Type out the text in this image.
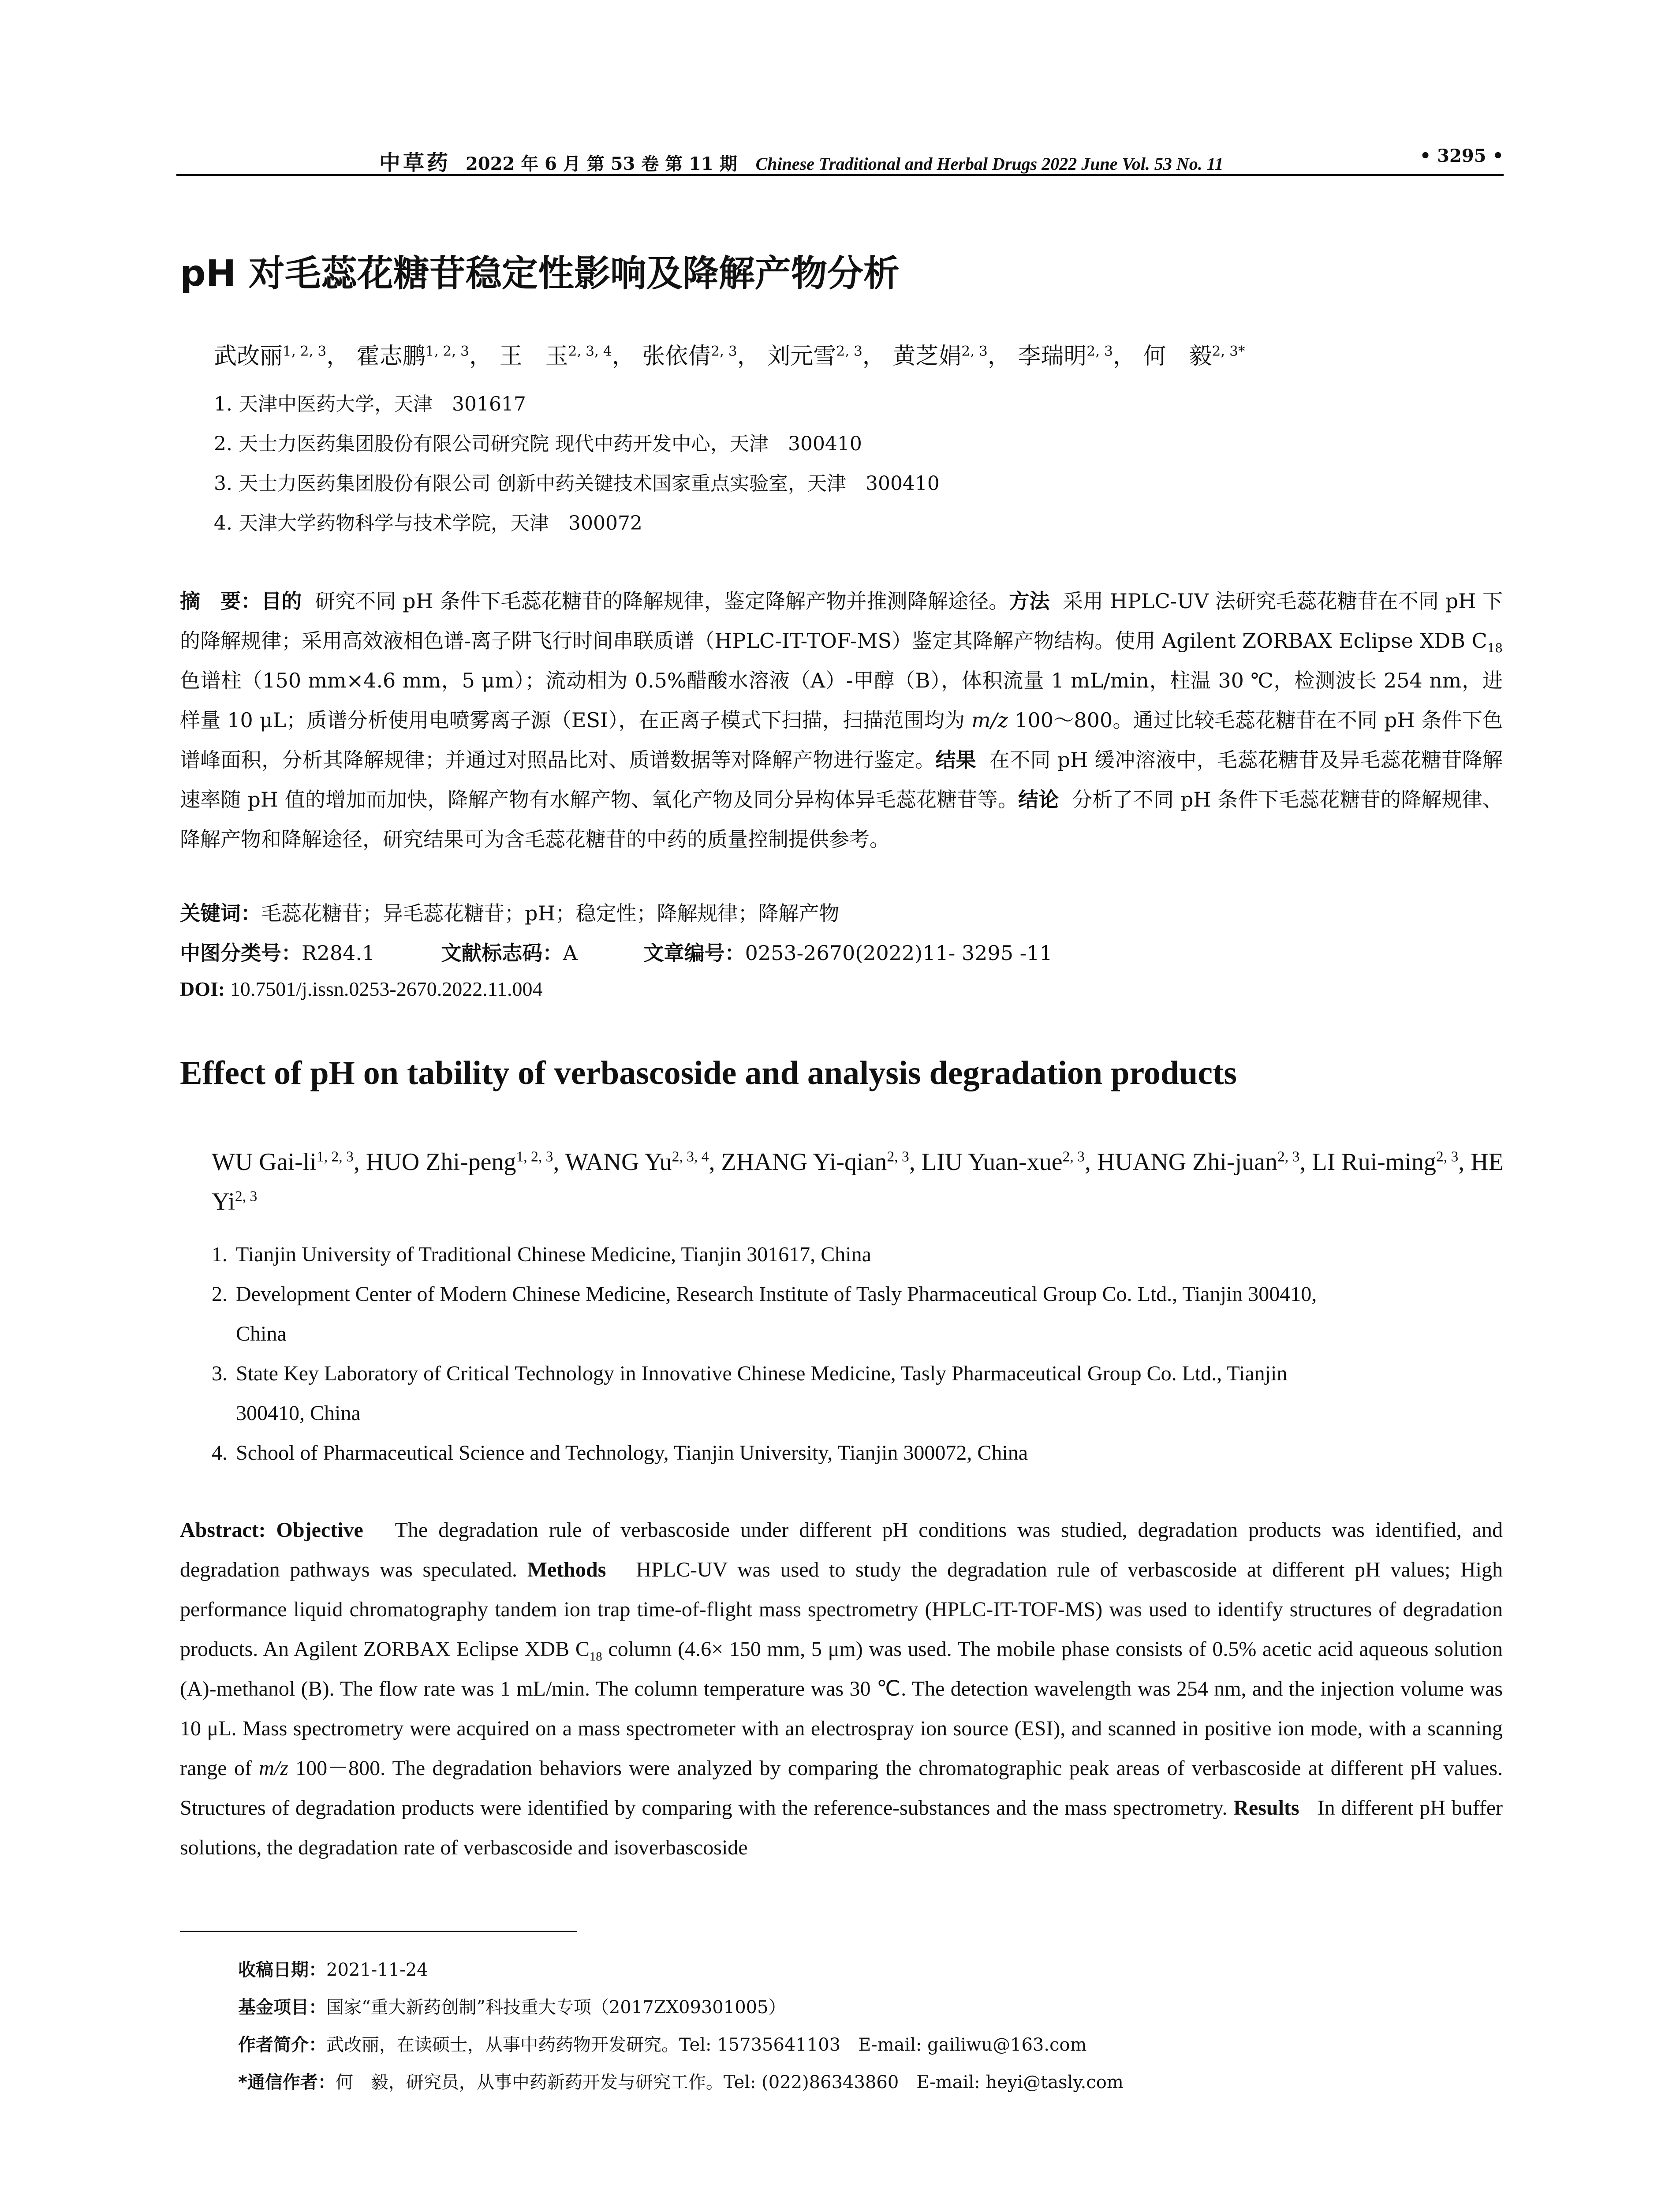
中草药 2022 年 6 月 第 53 卷 第 11 期 Chinese Traditional and Herbal Drugs 2022 June Vol. 53 No. 11	• 3295 •
pH 对毛蕊花糖苷稳定性影响及降解产物分析
武改丽$^{1, 2, 3}$， 霍志鹏$^{1, 2, 3}$， 王　玉$^{2, 3, 4}$， 张依倩$^{2, 3}$， 刘元雪$^{2, 3}$， 黄芝娟$^{2, 3}$， 李瑞明$^{2, 3}$， 何　毅$^{2, 3*}$
1. 天津中医药大学，天津　301617
2. 天士力医药集团股份有限公司研究院 现代中药开发中心，天津　300410
3. 天士力医药集团股份有限公司 创新中药关键技术国家重点实验室，天津　300410
4. 天津大学药物科学与技术学院，天津　300072
摘　要：目的 研究不同 pH 条件下毛蕊花糖苷的降解规律，鉴定降解产物并推测降解途径。方法 采用 HPLC-UV 法研究毛蕊花糖苷在不同 pH 下的降解规律；采用高效液相色谱-离子阱飞行时间串联质谱（HPLC-IT-TOF-MS）鉴定其降解产物结构。使用 Agilent ZORBAX Eclipse XDB $C_{18}$ 色谱柱（150 mm×4.6 mm，5 μm）；流动相为 0.5%醋酸水溶液（A）-甲醇（B），体积流量 1 mL/min，柱温 30 ℃，检测波长 254 nm，进样量 10 μL；质谱分析使用电喷雾离子源（ESI），在正离子模式下扫描，扫描范围均为 m/z 100～800。通过比较毛蕊花糖苷在不同 pH 条件下色谱峰面积，分析其降解规律；并通过对照品比对、质谱数据等对降解产物进行鉴定。结果 在不同 pH 缓冲溶液中，毛蕊花糖苷及异毛蕊花糖苷降解速率随 pH 值的增加而加快，降解产物有水解产物、氧化产物及同分异构体异毛蕊花糖苷等。结论 分析了不同 pH 条件下毛蕊花糖苷的降解规律、降解产物和降解途径，研究结果可为含毛蕊花糖苷的中药的质量控制提供参考。
关键词：毛蕊花糖苷；异毛蕊花糖苷；pH；稳定性；降解规律；降解产物
中图分类号：R284.1	文献标志码：A	文章编号：0253-2670(2022)11- 3295 -11
DOI: 10.7501/j.issn.0253-2670.2022.11.004
Effect of pH on tability of verbascoside and analysis degradation products
WU Gai-li$^{1, 2, 3}$, HUO Zhi-peng$^{1, 2, 3}$, WANG Yu$^{2, 3, 4}$, ZHANG Yi-qian$^{2, 3}$, LIU Yuan-xue$^{2, 3}$, HUANG Zhi-juan$^{2, 3}$, LI Rui-ming$^{2, 3}$, HE Yi$^{2, 3}$
1. Tianjin University of Traditional Chinese Medicine, Tianjin 301617, China
2. Development Center of Modern Chinese Medicine, Research Institute of Tasly Pharmaceutical Group Co. Ltd., Tianjin 300410,
China
3. State Key Laboratory of Critical Technology in Innovative Chinese Medicine, Tasly Pharmaceutical Group Co. Ltd., Tianjin
300410, China
4. School of Pharmaceutical Science and Technology, Tianjin University, Tianjin 300072, China
Abstract: Objective The degradation rule of verbascoside under different pH conditions was studied, degradation products was identified, and degradation pathways was speculated. Methods HPLC-UV was used to study the degradation rule of verbascoside at different pH values; High performance liquid chromatography tandem ion trap time-of-flight mass spectrometry (HPLC-IT-TOF-MS) was used to identify structures of degradation products. An Agilent ZORBAX Eclipse XDB $C_{18}$ column (4.6× 150 mm, 5 μm) was used. The mobile phase consists of 0.5% acetic acid aqueous solution (A)-methanol (B). The flow rate was 1 mL/min. The column temperature was 30 ℃. The detection wavelength was 254 nm, and the injection volume was 10 μL. Mass spectrometry were acquired on a mass spectrometer with an electrospray ion source (ESI), and scanned in positive ion mode, with a scanning range of m/z 100－800. The degradation behaviors were analyzed by comparing the chromatographic peak areas of verbascoside at different pH values. Structures of degradation products were identified by comparing with the reference-substances and the mass spectrometry. Results In different pH buffer solutions, the degradation rate of verbascoside and isoverbascoside
收稿日期：2021-11-24
基金项目：国家“重大新药创制”科技重大专项（2017ZX09301005）
作者简介：武改丽，在读硕士，从事中药药物开发研究。Tel: 15735641103　E-mail: gailiwu@163.com
*通信作者：何　毅，研究员，从事中药新药开发与研究工作。Tel: (022)86343860　E-mail: heyi@tasly.com
